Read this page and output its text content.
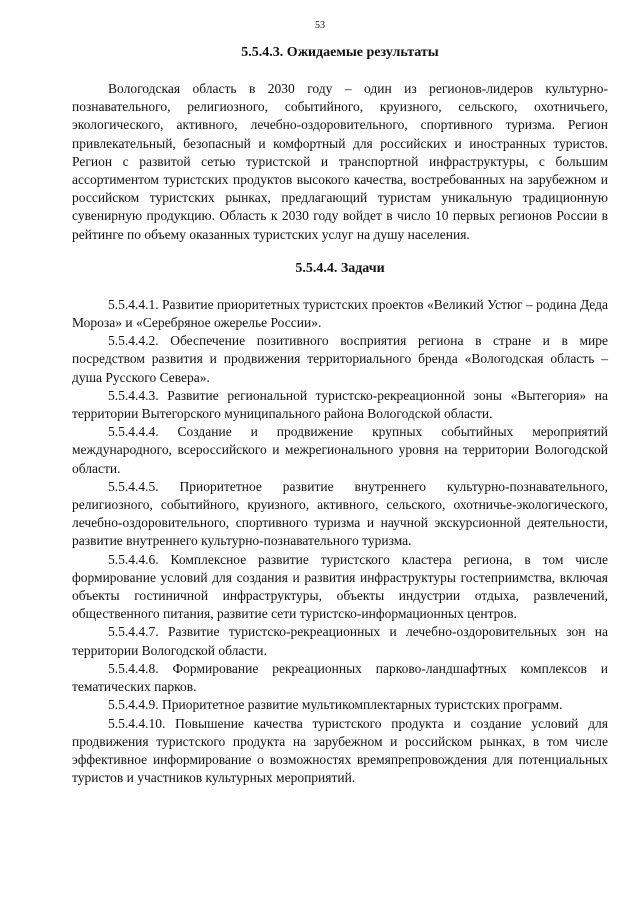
53
5.5.4.3. Ожидаемые результаты

Вологодская область в 2030 году – один из регионов-лидеров культурно-познавательного, религиозного, событийного, круизного, сельского, охотничьего, экологического, активного, лечебно-оздоровительного, спортивного туризма. Регион привлекательный, безопасный и комфортный для российских и иностранных туристов. Регион с развитой сетью туристской и транспортной инфраструктуры, с большим ассортиментом туристских продуктов высокого качества, востребованных на зарубежном и российском туристских рынках, предлагающий туристам уникальную традиционную сувенирную продукцию. Область к 2030 году войдет в число 10 первых регионов России в рейтинге по объему оказанных туристских услуг на душу населения.

5.5.4.4. Задачи

5.5.4.4.1. Развитие приоритетных туристских проектов «Великий Устюг – родина Деда Мороза» и «Серебряное ожерелье России».

5.5.4.4.2. Обеспечение позитивного восприятия региона в стране и в мире посредством развития и продвижения территориального бренда «Вологодская область – душа Русского Севера».

5.5.4.4.3. Развитие региональной туристско-рекреационной зоны «Вытегория» на территории Вытегорского муниципального района Вологодской области.

5.5.4.4.4. Создание и продвижение крупных событийных мероприятий международного, всероссийского и межрегионального уровня на территории Вологодской области.

5.5.4.4.5. Приоритетное развитие внутреннего культурно-познавательного, религиозного, событийного, круизного, активного, сельского, охотничье-экологического, лечебно-оздоровительного, спортивного туризма и научной экскурсионной деятельности, развитие внутреннего культурно-познавательного туризма.

5.5.4.4.6. Комплексное развитие туристского кластера региона, в том числе формирование условий для создания и развития инфраструктуры гостеприимства, включая объекты гостиничной инфраструктуры, объекты индустрии отдыха, развлечений, общественного питания, развитие сети туристско-информационных центров.

5.5.4.4.7. Развитие туристско-рекреационных и лечебно-оздоровительных зон на территории Вологодской области.

5.5.4.4.8. Формирование рекреационных парково-ландшафтных комплексов и тематических парков.

5.5.4.4.9. Приоритетное развитие мультикомплектарных туристских программ.

5.5.4.4.10. Повышение качества туристского продукта и создание условий для продвижения туристского продукта на зарубежном и российском рынках, в том числе эффективное информирование о возможностях времяпрепровождения для потенциальных туристов и участников культурных мероприятий.
